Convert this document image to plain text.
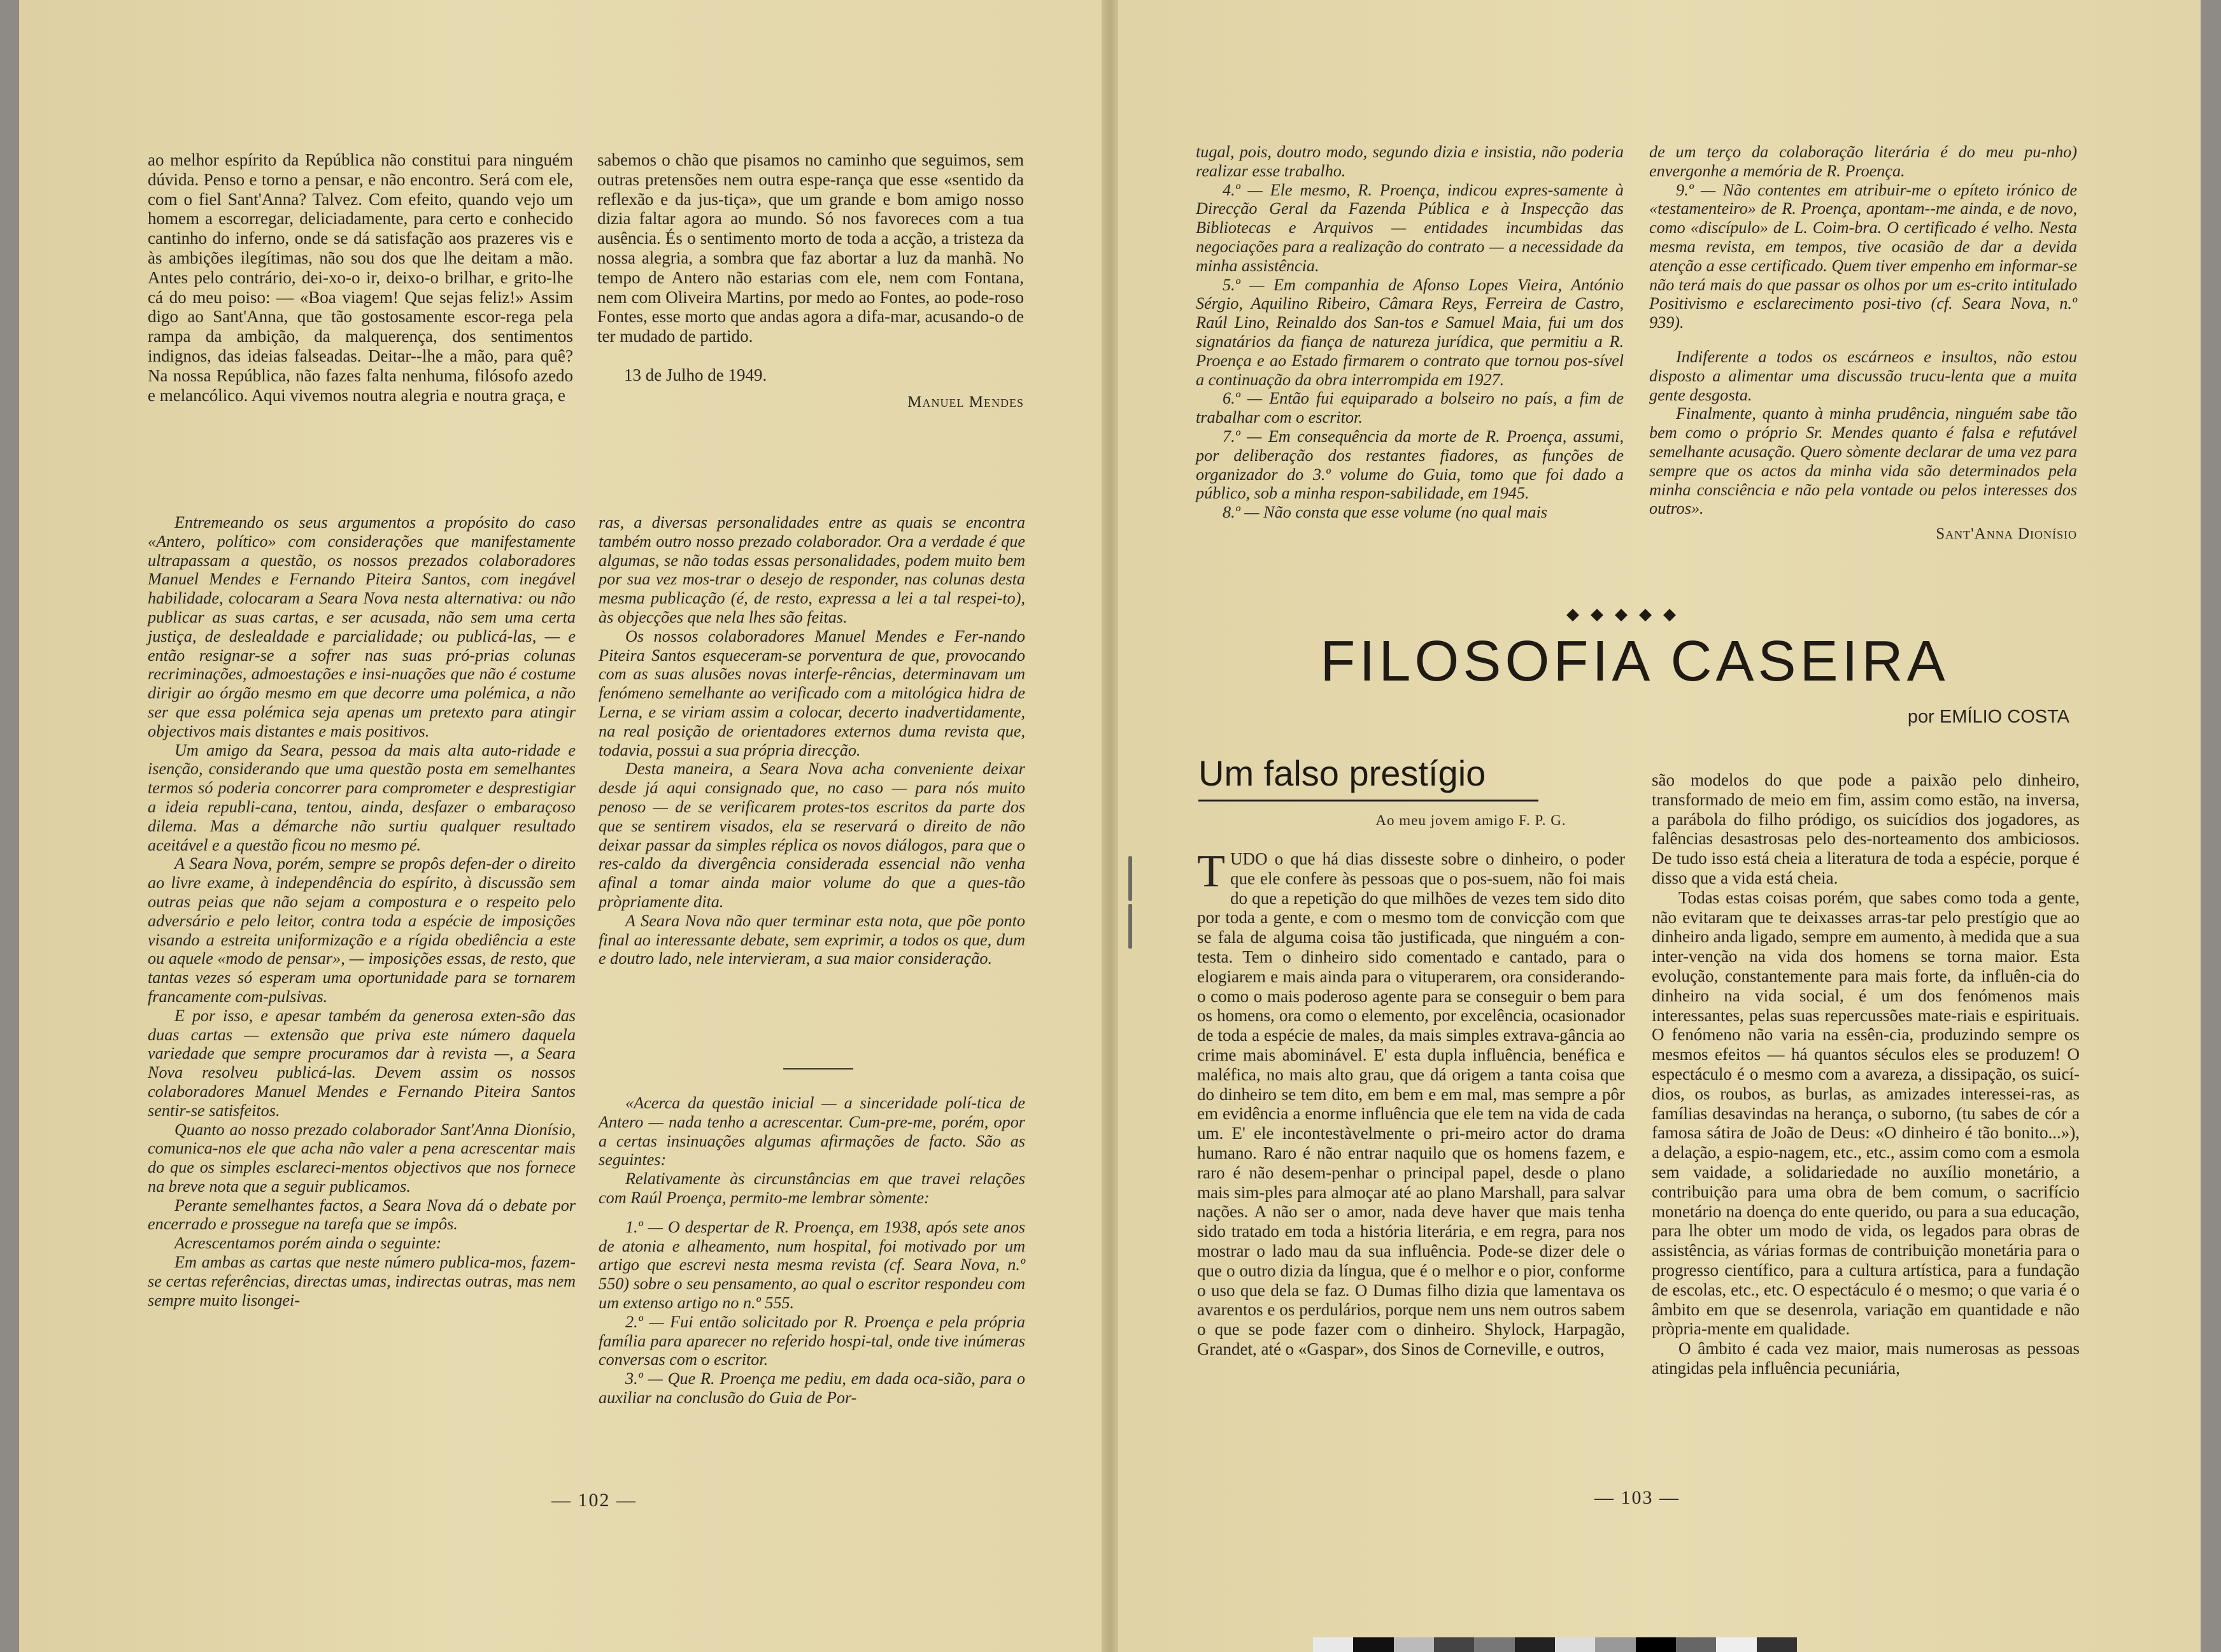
ao melhor espírito da República não constitui para ninguém dúvida. Penso e torno a pensar, e não encontro. Será com ele, com o fiel Sant'Anna? Talvez. Com efeito, quando vejo um homem a escorregar, deliciadamente, para certo e conhecido cantinho do inferno, onde se dá satisfação aos prazeres vis e às ambições ilegítimas, não sou dos que lhe deitam a mão. Antes pelo contrário, dei-xo-o ir, deixo-o brilhar, e grito-lhe cá do meu poiso: — «Boa viagem! Que sejas feliz!» Assim digo ao Sant'Anna, que tão gostosamente escor-rega pela rampa da ambição, da malquerença, dos sentimentos indignos, das ideias falseadas. Deitar--lhe a mão, para quê? Na nossa República, não fazes falta nenhuma, filósofo azedo e melancólico. Aqui vivemos noutra alegria e noutra graça, e

sabemos o chão que pisamos no caminho que seguimos, sem outras pretensões nem outra espe-rança que esse «sentido da reflexão e da jus-tiça», que um grande e bom amigo nosso dizia faltar agora ao mundo. Só nos favoreces com a tua ausência. És o sentimento morto de toda a acção, a tristeza da nossa alegria, a sombra que faz abortar a luz da manhã. No tempo de Antero não estarias com ele, nem com Fontana, nem com Oliveira Martins, por medo ao Fontes, ao pode-roso Fontes, esse morto que andas agora a difa-mar, acusando-o de ter mudado de partido.

13 de Julho de 1949.

Manuel Mendes

Entremeando os seus argumentos a propósito do caso «Antero, político» com considerações que manifestamente ultrapassam a questão, os nossos prezados colaboradores Manuel Mendes e Fernando Piteira Santos, com inegável habilidade, colocaram a Seara Nova nesta alternativa: ou não publicar as suas cartas, e ser acusada, não sem uma certa justiça, de deslealdade e parcialidade; ou publicá-las, — e então resignar-se a sofrer nas suas pró-prias colunas recriminações, admoestações e insi-nuações que não é costume dirigir ao órgão mesmo em que decorre uma polémica, a não ser que essa polémica seja apenas um pretexto para atingir objectivos mais distantes e mais positivos.

Um amigo da Seara, pessoa da mais alta auto-ridade e isenção, considerando que uma questão posta em semelhantes termos só poderia concorrer para comprometer e desprestigiar a ideia republi-cana, tentou, ainda, desfazer o embaraçoso dilema. Mas a démarche não surtiu qualquer resultado aceitável e a questão ficou no mesmo pé.

A Seara Nova, porém, sempre se propôs defen-der o direito ao livre exame, à independência do espírito, à discussão sem outras peias que não sejam a compostura e o respeito pelo adversário e pelo leitor, contra toda a espécie de imposições visando a estreita uniformização e a rígida obediência a este ou aquele «modo de pensar», — imposições essas, de resto, que tantas vezes só esperam uma oportunidade para se tornarem francamente com-pulsivas.

E por isso, e apesar também da generosa exten-são das duas cartas — extensão que priva este número daquela variedade que sempre procuramos dar à revista —, a Seara Nova resolveu publicá-las. Devem assim os nossos colaboradores Manuel Mendes e Fernando Piteira Santos sentir-se satisfeitos.

Quanto ao nosso prezado colaborador Sant'Anna Dionísio, comunica-nos ele que acha não valer a pena acrescentar mais do que os simples esclareci-mentos objectivos que nos fornece na breve nota que a seguir publicamos.

Perante semelhantes factos, a Seara Nova dá o debate por encerrado e prossegue na tarefa que se impôs.

Acrescentamos porém ainda o seguinte:

Em ambas as cartas que neste número publica-mos, fazem-se certas referências, directas umas, indirectas outras, mas nem sempre muito lisongei-

ras, a diversas personalidades entre as quais se encontra também outro nosso prezado colaborador. Ora a verdade é que algumas, se não todas essas personalidades, podem muito bem por sua vez mos-trar o desejo de responder, nas colunas desta mesma publicação (é, de resto, expressa a lei a tal respei-to), às objecções que nela lhes são feitas.

Os nossos colaboradores Manuel Mendes e Fer-nando Piteira Santos esqueceram-se porventura de que, provocando com as suas alusões novas interfe-rências, determinavam um fenómeno semelhante ao verificado com a mitológica hidra de Lerna, e se viriam assim a colocar, decerto inadvertidamente, na real posição de orientadores externos duma revista que, todavia, possui a sua própria direcção.

Desta maneira, a Seara Nova acha conveniente deixar desde já aqui consignado que, no caso — para nós muito penoso — de se verificarem protes-tos escritos da parte dos que se sentirem visados, ela se reservará o direito de não deixar passar da simples réplica os novos diálogos, para que o res-caldo da divergência considerada essencial não venha afinal a tomar ainda maior volume do que a ques-tão pròpriamente dita.

A Seara Nova não quer terminar esta nota, que põe ponto final ao interessante debate, sem exprimir, a todos os que, dum e doutro lado, nele intervieram, a sua maior consideração.

«Acerca da questão inicial — a sinceridade polí-tica de Antero — nada tenho a acrescentar. Cum-pre-me, porém, opor a certas insinuações algumas afirmações de facto. São as seguintes:

Relativamente às circunstâncias em que travei relações com Raúl Proença, permito-me lembrar sòmente:

1.º — O despertar de R. Proença, em 1938, após sete anos de atonia e alheamento, num hospital, foi motivado por um artigo que escrevi nesta mesma revista (cf. Seara Nova, n.º 550) sobre o seu pensamento, ao qual o escritor respondeu com um extenso artigo no n.º 555.

2.º — Fui então solicitado por R. Proença e pela própria família para aparecer no referido hospi-tal, onde tive inúmeras conversas com o escritor.

3.º — Que R. Proença me pediu, em dada oca-sião, para o auxiliar na conclusão do Guia de Por-

— 102 —

tugal, pois, doutro modo, segundo dizia e insistia, não poderia realizar esse trabalho.

4.º — Ele mesmo, R. Proença, indicou expres-samente à Direcção Geral da Fazenda Pública e à Inspecção das Bibliotecas e Arquivos — entidades incumbidas das negociações para a realização do contrato — a necessidade da minha assistência.

5.º — Em companhia de Afonso Lopes Vieira, António Sérgio, Aquilino Ribeiro, Câmara Reys, Ferreira de Castro, Raúl Lino, Reinaldo dos San-tos e Samuel Maia, fui um dos signatários da fiança de natureza jurídica, que permitiu a R. Proença e ao Estado firmarem o contrato que tornou pos-sível a continuação da obra interrompida em 1927.

6.º — Então fui equiparado a bolseiro no país, a fim de trabalhar com o escritor.

7.º — Em consequência da morte de R. Proença, assumi, por deliberação dos restantes fiadores, as funções de organizador do 3.º volume do Guia, tomo que foi dado a público, sob a minha respon-sabilidade, em 1945.

8.º — Não consta que esse volume (no qual mais

de um terço da colaboração literária é do meu pu-nho) envergonhe a memória de R. Proença.

9.º — Não contentes em atribuir-me o epíteto irónico de «testamenteiro» de R. Proença, apontam--me ainda, e de novo, como «discípulo» de L. Coim-bra. O certificado é velho. Nesta mesma revista, em tempos, tive ocasião de dar a devida atenção a esse certificado. Quem tiver empenho em informar-se não terá mais do que passar os olhos por um es-crito intitulado Positivismo e esclarecimento posi-tivo (cf. Seara Nova, n.º 939).

Indiferente a todos os escárneos e insultos, não estou disposto a alimentar uma discussão trucu-lenta que a muita gente desgosta.

Finalmente, quanto à minha prudência, ninguém sabe tão bem como o próprio Sr. Mendes quanto é falsa e refutável semelhante acusação. Quero sòmente declarar de uma vez para sempre que os actos da minha vida são determinados pela minha consciência e não pela vontade ou pelos interesses dos outros».

Sant'Anna Dionísio

◆◆◆◆◆
FILOSOFIA CASEIRA
por EMÍLIO COSTA
Um falso prestígio
Ao meu jovem amigo F. P. G.
TUDO o que há dias disseste sobre o dinheiro, o poder que ele confere às pessoas que o pos-suem, não foi mais do que a repetição do que milhões de vezes tem sido dito por toda a gente, e com o mesmo tom de convicção com que se fala de alguma coisa tão justificada, que ninguém a con-testa. Tem o dinheiro sido comentado e cantado, para o elogiarem e mais ainda para o vituperarem, ora considerando-o como o mais poderoso agente para se conseguir o bem para os homens, ora como o elemento, por excelência, ocasionador de toda a espécie de males, da mais simples extrava-gância ao crime mais abominável. E' esta dupla influência, benéfica e maléfica, no mais alto grau, que dá origem a tanta coisa que do dinheiro se tem dito, em bem e em mal, mas sempre a pôr em evidência a enorme influência que ele tem na vida de cada um. E' ele incontestàvelmente o pri-meiro actor do drama humano. Raro é não entrar naquilo que os homens fazem, e raro é não desem-penhar o principal papel, desde o plano mais sim-ples para almoçar até ao plano Marshall, para salvar nações. A não ser o amor, nada deve haver que mais tenha sido tratado em toda a história literária, e em regra, para nos mostrar o lado mau da sua influência. Pode-se dizer dele o que o outro dizia da língua, que é o melhor e o pior, conforme o uso que dela se faz. O Dumas filho dizia que lamentava os avarentos e os perdulários, porque nem uns nem outros sabem o que se pode fazer com o dinheiro. Shylock, Harpagão, Grandet, até o «Gaspar», dos Sinos de Corneville, e outros,

são modelos do que pode a paixão pelo dinheiro, transformado de meio em fim, assim como estão, na inversa, a parábola do filho pródigo, os suicídios dos jogadores, as falências desastrosas pelo des-norteamento dos ambiciosos. De tudo isso está cheia a literatura de toda a espécie, porque é disso que a vida está cheia.

Todas estas coisas porém, que sabes como toda a gente, não evitaram que te deixasses arras-tar pelo prestígio que ao dinheiro anda ligado, sempre em aumento, à medida que a sua inter-venção na vida dos homens se torna maior. Esta evolução, constantemente para mais forte, da influên-cia do dinheiro na vida social, é um dos fenómenos mais interessantes, pelas suas repercussões mate-riais e espirituais. O fenómeno não varia na essên-cia, produzindo sempre os mesmos efeitos — há quantos séculos eles se produzem! O espectáculo é o mesmo com a avareza, a dissipação, os suicí-dios, os roubos, as burlas, as amizades interessei-ras, as famílias desavindas na herança, o suborno, (tu sabes de cór a famosa sátira de João de Deus: «O dinheiro é tão bonito...»), a delação, a espio-nagem, etc., etc., assim como com a esmola sem vaidade, a solidariedade no auxílio monetário, a contribuição para uma obra de bem comum, o sacrifício monetário na doença do ente querido, ou para a sua educação, para lhe obter um modo de vida, os legados para obras de assistência, as várias formas de contribuição monetária para o progresso científico, para a cultura artística, para a fundação de escolas, etc., etc. O espectáculo é o mesmo; o que varia é o âmbito em que se desenrola, variação em quantidade e não pròpria-mente em qualidade.

O âmbito é cada vez maior, mais numerosas as pessoas atingidas pela influência pecuniária,

— 103 —
